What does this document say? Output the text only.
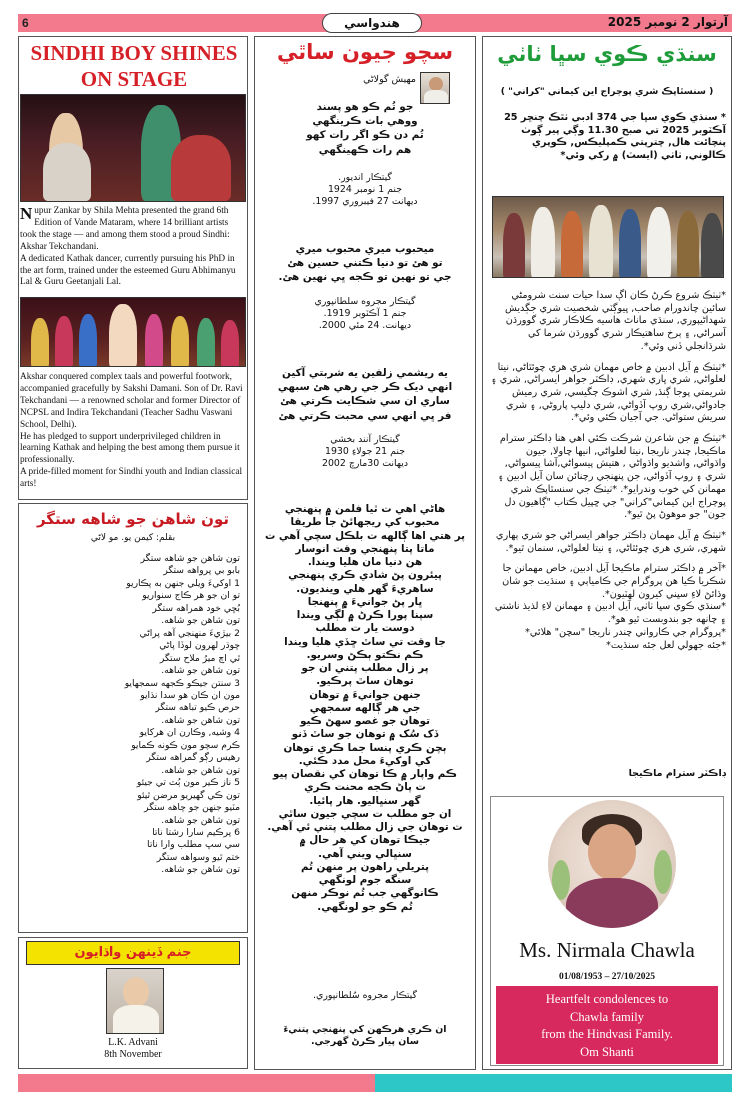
6	هندواسي	آرتوار 2 نومبر 2025
SINDHI BOY SHINES ON STAGE
Nupur Zankar by Shila Mehta presented the grand 6th Edition of Vande Mataram, where 14 brilliant artists took the stage — and among them stood a proud Sindhi: Akshar Tekchandani.

A dedicated Kathak dancer, currently pursuing his PhD in the art form, trained under the esteemed Guru Abhimanyu Lal & Guru Geetanjali Lal.

Akshar conquered complex taals and powerful footwork, accompanied gracefully by Sakshi Damani. Son of Dr. Ravi Tekchandani — a renowned scholar and former Director of NCPSL and Indira Tekchandani (Teacher Sadhu Vaswani School, Delhi).

He has pledged to support underprivileged children in learning Kathak and helping the best among them pursue it professionally.

A pride-filled moment for Sindhi youth and Indian classical arts!

تون شاهن جو شاهه ستگر
بقلم: کيمن يو. مو لاڻي
تون شاهن جو شاهه ستگر
بابو بي پرواهه ستگر
1 اوکيءَ ويلي جنهن به پڪاريو
تو ان جو هر ڪاج سنواريو
بُڇي خود همراهه ستگر
تون شاهن جو شاهه.
2 بيڙيءَ منهنجي آهه پراڻي
چوڌر لهرون لوڏا پاڻي
ٿي اچ ميرُ ملاح ستگر
تون شاهن جو شاهه.
3 سنتن جيڪو ڪجهه سمجهايو
مون ان ڪان هو سدا نڌايو
حرص ڪيو تباهه ستگر
تون شاهن جو شاهه.
4 وشيه, وڪارن ان هرکايو
ڪرم سچو مون ڪونه ڪمايو
رهيس رڳو گمراهه ستگر
تون شاهن جو شاهه.
5 ناز ڪير مون ٻُٽ تي جيئو
تون ڪي گهيريو مرضن ٿيئو
مٽيو جنهن جو چاهه ستگر
تون شاهن جو شاهه.
6 پرڪيم سارا رشتا ناتا
سي سڀ مطلب وارا ناتا
ختم ٿيو وسواهه ستگر
تون شاهن جو شاهه.
جنم ڏينهن واڌايون
L.K. Advani
8th November
سچو جيون ساٿي
مهيش گولاڻي
جو تُم ڪو هو پسند
ووهي بات ڪرينگهي
تُم دن ڪو اگر رات کهو
هم رات ڪهينگهي
گيتڪار انديور.
جنم 1 نومبر 1924
ديهانت 27 فيبروري 1997.
ميحبوب ميري محبوب ميري
تو هئ تو دنيا ڪتني حسين هئ
جي تو نهين تو ڪجه ڀي نهين هئ.
گيتڪار مجروه سلطانپوري
جنم 1 آڪٽوبر 1919.
ديهانت. 24 مئي 2000.
يه ريشمي زلفين يه شربتي آکين
انهي ديک ڪر جي رهي هئ سبهي
ساري ان سي شڪايت ڪرتي هئ
فر ڀي انهي سي محبت ڪرتي هئ
گيتڪار آنند بخشي
جنم 21 جولاءِ 1930
ديهانت 30مارچ 2002
هاڻي اهي ت ٿيا فلمن ۾ پنهنجي
محبوب کي ريجهائڻ جا طريقا
پر هتي اها ڳالهه ت بلڪل سچي آهي ت
ماتا پتا پنهنجي وقت انوسار
هن دنيا مان هليا ويندا.
پيئرون پڻ شادي ڪري پنهنجي
ساهريءَ گهر هلي وينديون.
ڀار پڻ جوانيءَ ۾ پنهنجا
سپنا پورا ڪرڻ ۾ لڳي ويندا
دوست يار ت مطلب
جا وقت تي ساٿ ڇڏي هليا ويندا
ڪم نڪتو ٻڪڻ وسريو.
پر زال مطلب پتني ان جو
توهان ساٿ پرڪيو.
جنهن جوانيءَ ۾ توهان
جي هر ڳالهه سمجهي
توهان جو غصو سهڻ ڪيو
ڏک سُک ۾ توهان جو ساٿ ڏنو
ٻچن ڪري پنسا جما ڪري توهان
کي اوکيءَ محل مدد ڪئي.
ڪم واپار ۾ ڪا توهان کي نقصان پيو
ت پاڻ ڪجه محنت ڪري
گهر سنڀاليو. هار پائيا.
ان جو مطلب ت سچي جيون ساٿي
ت توهان جي زال مطلب پتني ئي آهي.
جيڪا توهان کي هر حال ۾
سنڀالي ويني آهي.
پتريلي راهون پر منهن تُم
سنگه جوم لونگهي
ڪانوگهي جب تُم نوڪر منهن
تُم ڪو جو لونگهي.
گيتڪار مجروه سُلطانپوري.
ان ڪري هرڪهن کي پنهنجي پتنيءَ
سان پيار ڪرڻ گهرجي.
سنڌي ڪوي سڀا ٺاٺي
( سنسٿاپڪ شري پوڄراج اين کيماني "کراني" )
* سنڌي ڪوي سڀا جي 374 ادبي ٺٿڪ چنڇر 25 آڪٽوبر 2025 تي صبح 11.30 وڳي پير ڳوٺ پنچائت هال, چترپتي ڪمپليڪس, ڪوپري ڪالوني, ٺاٺي (ايسٽ) ۾ رکي وئي*

*ٺيٺڪ شروع ڪرڻ ڪان اڳ سدا حيات سنت شرومڻي سائين چاندورام صاحب, ڀيوڳٽي شخصيت شري جڳديش شهداڻيپوري, سنڌي ماناٿ هاسيه ڪلاڪار شري گوورڌن آسراڻي, ۽ ٻرخ ساهتيڪار شري گوورڌن شرما کي شرڌانجلي ڏني وئي*.

*ٺيٺڪ ۾ آيل ادبين ۾ خاص مهمان شري هري چوئٿاڻي, نيتا لعلواڻي, شري ڀاري شهري, ڊاڪٽر جواهر ايسراڻي, شري ۽ شريمتي پوجا ڳنڌ, شري اشوڪ ڄگيسي, شري رميش جادواڻي,شري روپ آڏواڻي, شري دليپ پاروڻي, ۽ شري سريش ستواڻي. جي آجيان ڪئي وئي*.

*ٺيٺڪ ۾ جن شاعرن شرڪت ڪئي اهي هنا ڊاڪٽر سترام ماڪيجا, چندر ناريجا ,نيتا لعلواڻي, انيها چاولا, جيون واڌواڻي, واشديو واڌواڻي , هتيش پيسواڻي,آشا پيسواڻي, شري ۽ روپ آڏواڻي, جن پنهنجي رچنائن سان آيل ادبين ۽ مهمانن کي خوب وندرايو*. *ٺيٺڪ جي سنسٿاپڪ شري پوڄراج اين کيماني"کراني" جي ڇپيل ڪتاب "ڳاهيون دل جون" جو موهوڻ پڻ ٿيو*.

*ٺيٺڪ ۾ آيل مهمان ڊاڪٽر جواهر ايسراڻي جو شري ٻهاري شهري, شري هري چوئٿاڻي, ۽ نيتا لعلواڻي, سنمان ٿيو*.

*آخر ۾ ڊاڪٽر سترام ماڪيجا آيل ادبين, خاص مهمانن جا شڪريا ڪيا هن پروگرام جي ڪامياٻي ۽ سنڌيت جو شان وڌائڻ لاءِ سڀني کيرون لهٽيون*.

*سنڌي ڪوي سڀا ٺاٺي, آيل ادبين ۽ مهمانن لاءِ لذيذ ناشتي ۽ چانهه جو بندوبست ٿيو هو*.

*پروگرام جي ڪارواني چندر ناريجا "سچن" هلائي*

*جئه جهولي لعل جئه سنڌيت*

ڊاڪٽر سترام ماڪيجا
Ms. Nirmala Chawla
01/08/1953 – 27/10/2025
Heartfelt condolences to
Chawla family
from the Hindvasi Family.
Om Shanti
